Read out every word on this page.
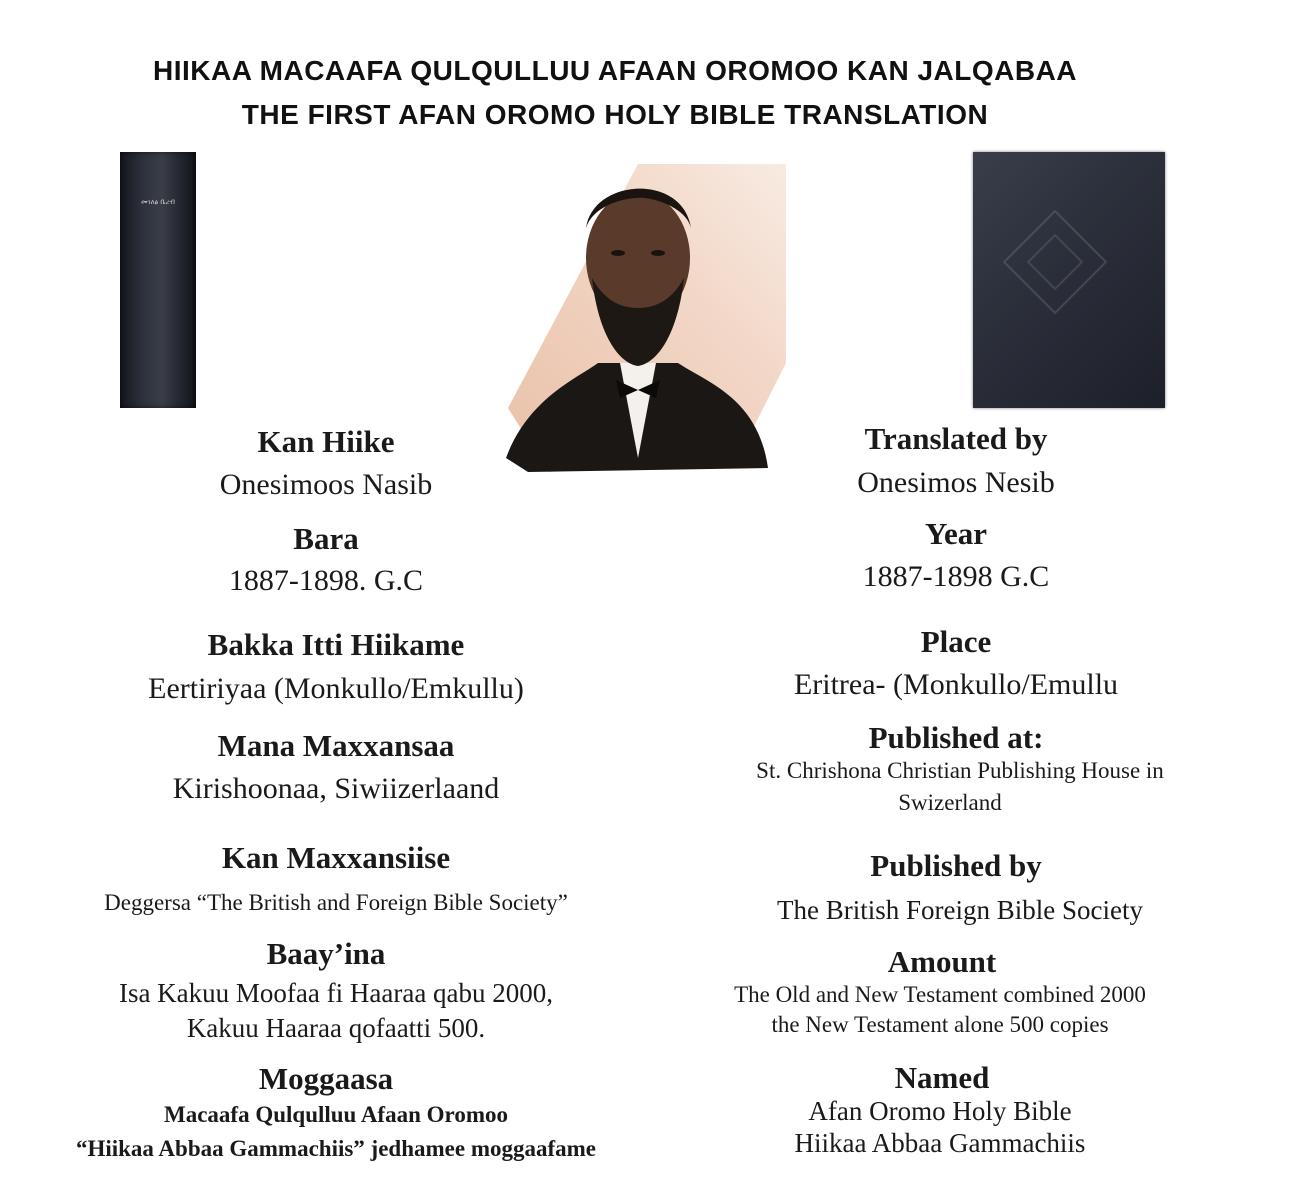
HIIKAA MACAAFA QULQULLUU AFAAN OROMOO KAN JALQABAA
THE FIRST AFAN OROMO HOLY BIBLE TRANSLATION
መገለፅ ቤረብ
Kan Hiike
Onesimoos Nasib
Bara
1887-1898. G.C
Bakka Itti Hiikame
Eertiriyaa (Monkullo/Emkullu)
Mana Maxxansaa
Kirishoonaa, Siwiizerlaand
Kan Maxxansiise
Deggersa “The British and Foreign Bible Society”
Baay’ina
Isa Kakuu Moofaa fi Haaraa qabu 2000,
Kakuu Haaraa qofaatti 500.
Moggaasa
Macaafa Qulqulluu Afaan Oromoo
“Hiikaa Abbaa Gammachiis” jedhamee moggaafame
Translated by
Onesimos Nesib
Year
1887-1898 G.C
Place
Eritrea- (Monkullo/Emullu
Published at:
St. Chrishona Christian Publishing House in
Swizerland
Published by
The British Foreign Bible Society
Amount
The Old and New Testament combined 2000
the New Testament alone 500 copies
Named
Afan Oromo Holy Bible
Hiikaa Abbaa Gammachiis
